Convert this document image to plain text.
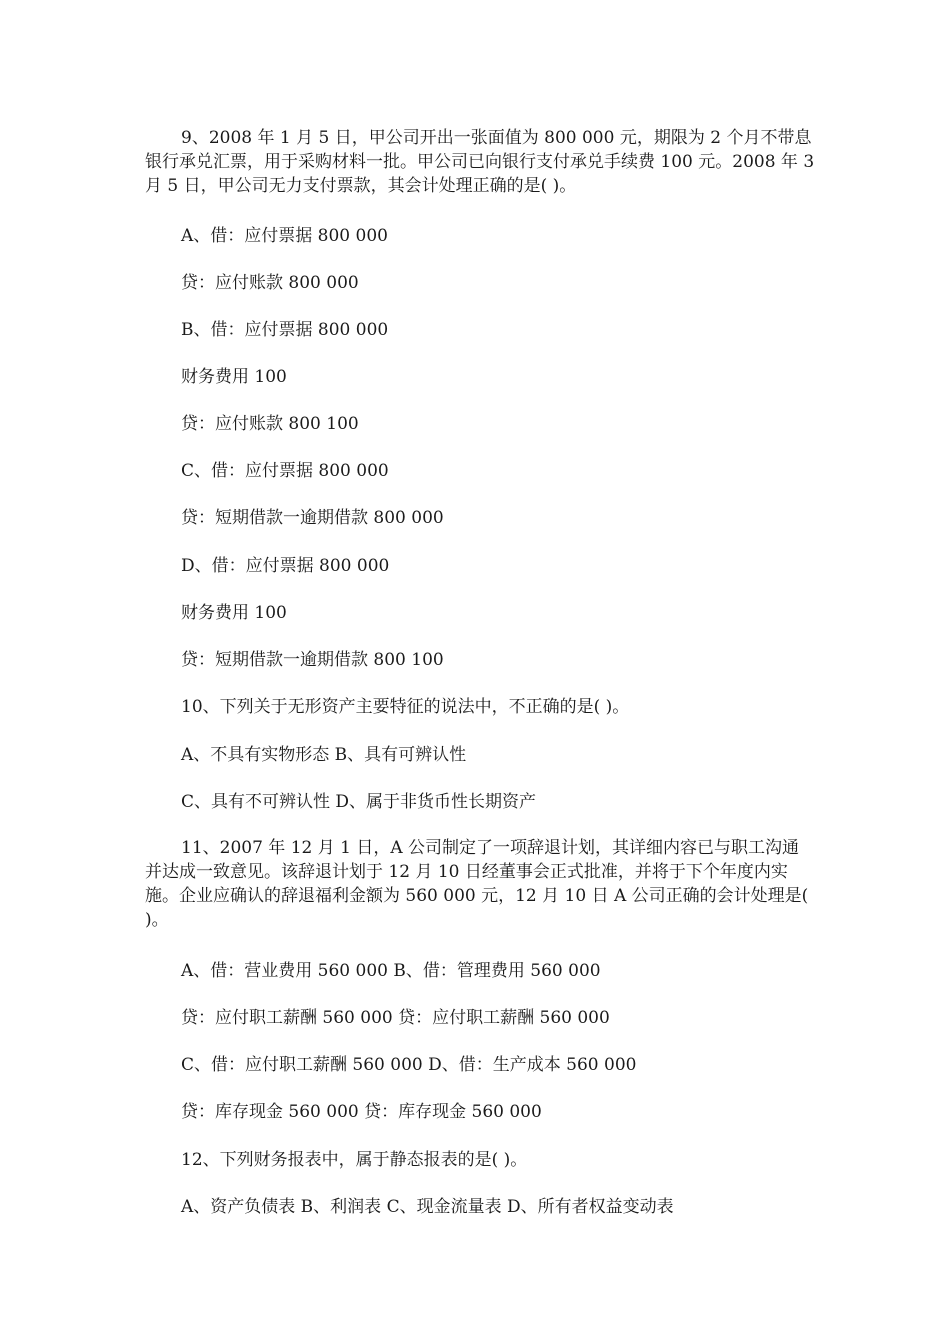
9、2008 年 1 月 5 日，甲公司开出一张面值为 800 000 元，期限为 2 个月不带息银行承兑汇票，用于采购材料一批。甲公司已向银行支付承兑手续费 100 元。2008 年 3 月 5 日，甲公司无力支付票款，其会计处理正确的是( )。
A、借：应付票据 800 000
贷：应付账款 800 000
B、借：应付票据 800 000
财务费用 100
贷：应付账款 800 100
C、借：应付票据 800 000
贷：短期借款一逾期借款 800 000
D、借：应付票据 800 000
财务费用 100
贷：短期借款一逾期借款 800 100
10、下列关于无形资产主要特征的说法中，不正确的是( )。
A、不具有实物形态 B、具有可辨认性
C、具有不可辨认性 D、属于非货币性长期资产
11、2007 年 12 月 1 日，A 公司制定了一项辞退计划，其详细内容已与职工沟通并达成一致意见。该辞退计划于 12 月 10 日经董事会正式批准，并将于下个年度内实施。企业应确认的辞退福利金额为 560 000 元，12 月 10 日 A 公司正确的会计处理是( )。
A、借：营业费用 560 000 B、借：管理费用 560 000
贷：应付职工薪酬 560 000 贷：应付职工薪酬 560 000
C、借：应付职工薪酬 560 000 D、借：生产成本 560 000
贷：库存现金 560 000 贷：库存现金 560 000
12、下列财务报表中，属于静态报表的是( )。
A、资产负债表 B、利润表 C、现金流量表 D、所有者权益变动表
